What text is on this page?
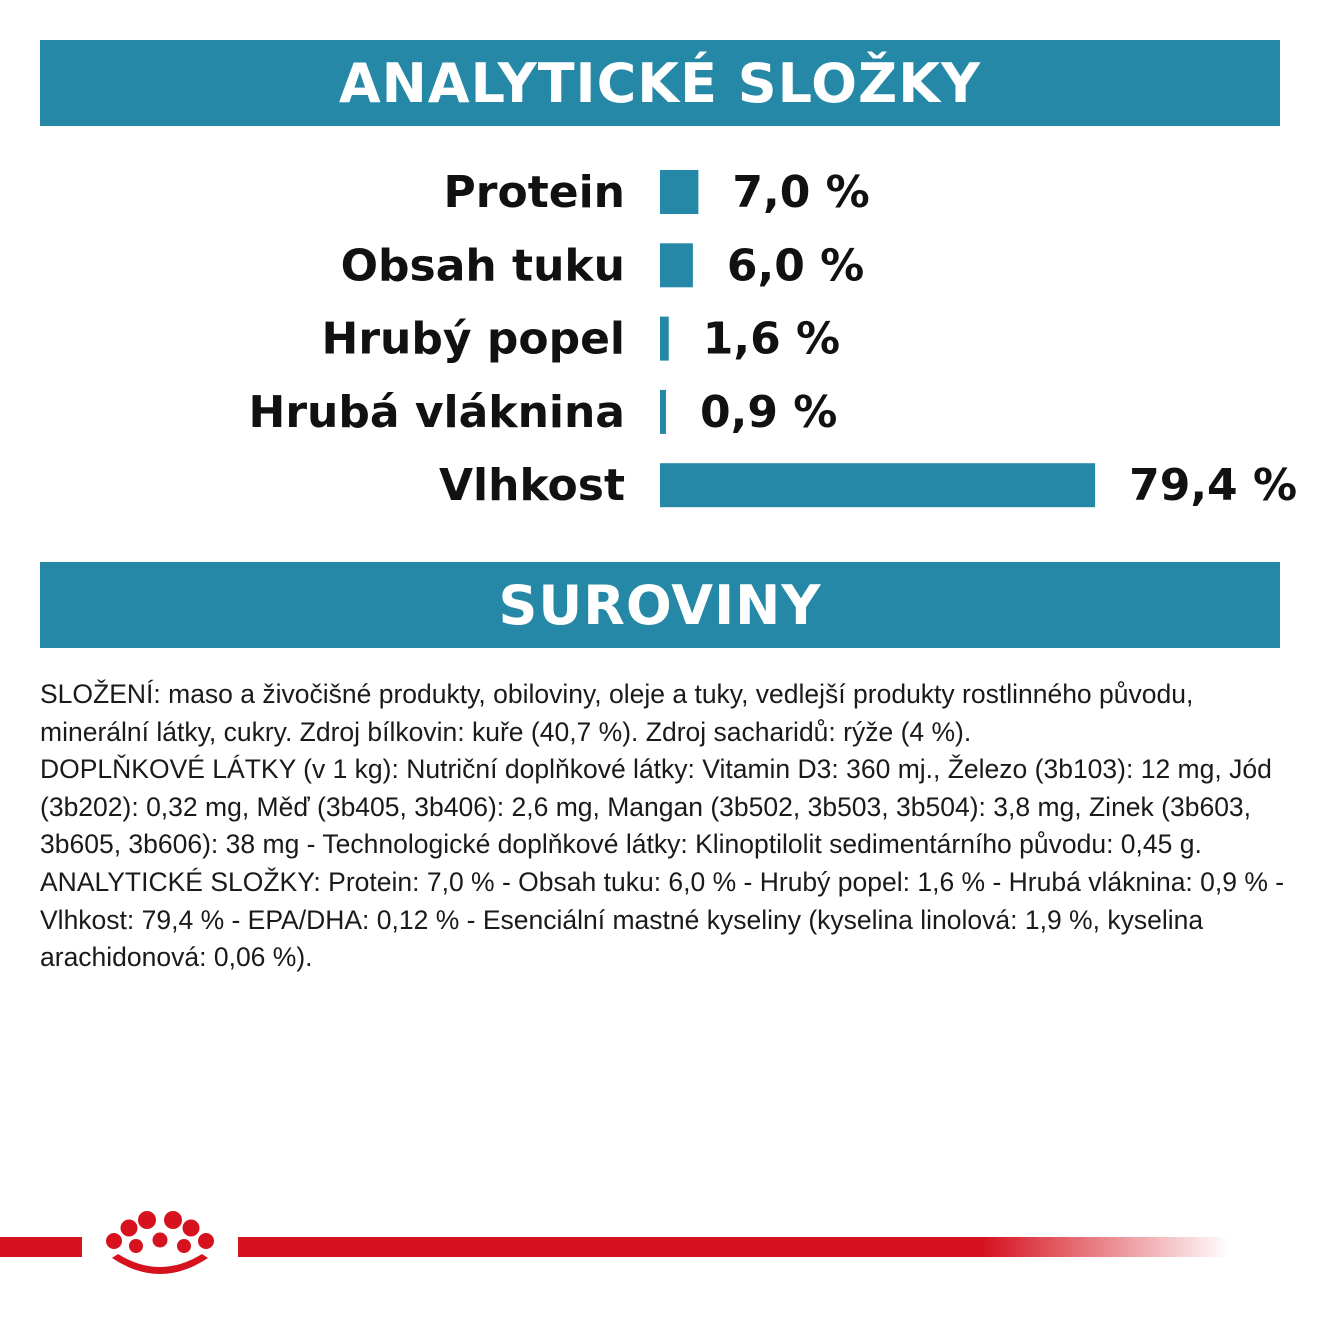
ANALYTICKÉ SLOŽKY
Protein 7,0 %
Obsah tuku 6,0 %
Hrubý popel 1,6 %
Hrubá vláknina 0,9 %
Vlhkost	79,4 %
SUROVINY

SLOŽENÍ: maso a živočišné produkty, obiloviny, oleje a tuky, vedlejší produkty rostlinného původu, minerální látky, cukry. Zdroj bílkovin: kuře (40,7 %). Zdroj sacharidů: rýže (4 %).

DOPLŇKOVÉ LÁTKY (v 1 kg): Nutriční doplňkové látky: Vitamin D3: 360 mj., Železo (3b103): 12 mg, Jód (3b202): 0,32 mg, Měď (3b405, 3b406): 2,6 mg, Mangan (3b502, 3b503, 3b504): 3,8 mg, Zinek (3b603, 3b605, 3b606): 38 mg - Technologické doplňkové látky: Klinoptilolit sedimentárního původu: 0,45 g.

ANALYTICKÉ SLOŽKY: Protein: 7,0 % - Obsah tuku: 6,0 % - Hrubý popel: 1,6 % - Hrubá vláknina: 0,9 % - Vlhkost: 79,4 % - EPA/DHA: 0,12 % - Esenciální mastné kyseliny (kyselina linolová: 1,9 %, kyselina arachidonová: 0,06 %).
